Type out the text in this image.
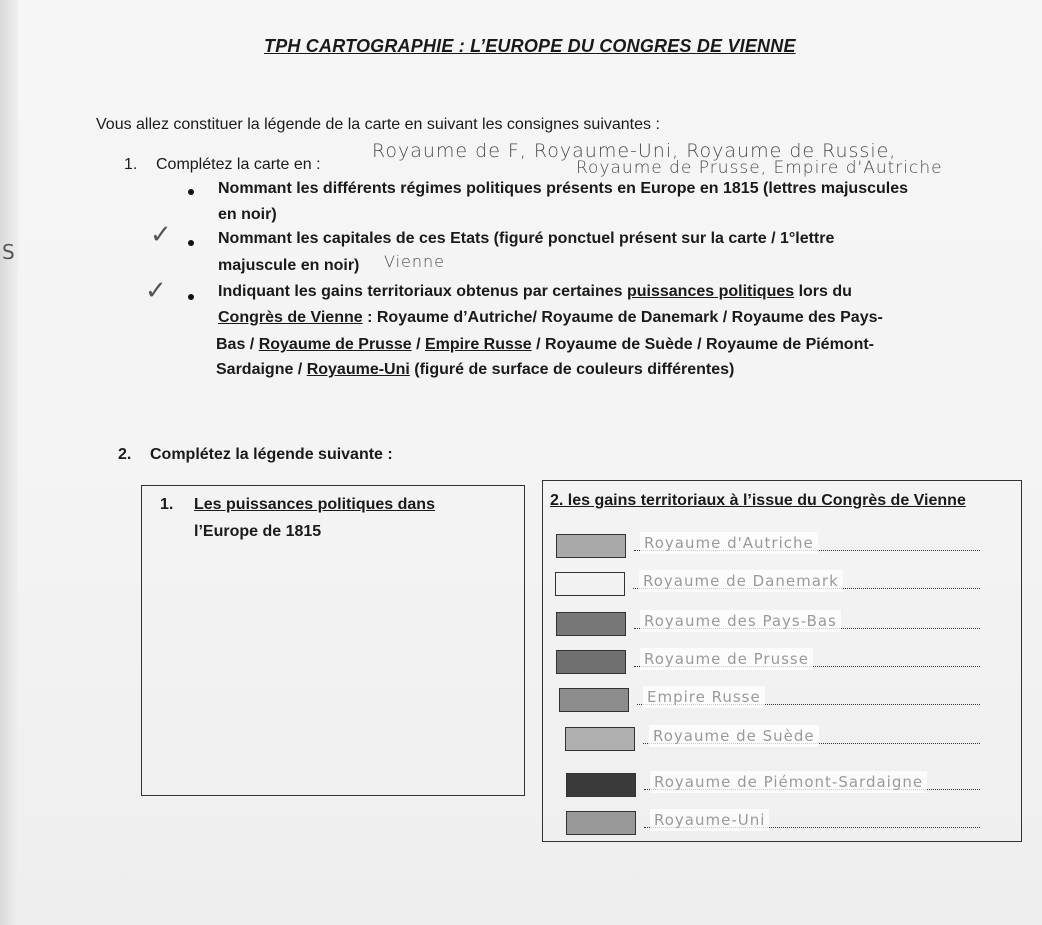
S
TPH CARTOGRAPHIE : L’EUROPE DU CONGRES DE VIENNE
Vous allez constituer la légende de la carte en suivant les consignes suivantes :
1. Complétez la carte en :
Royaume de F, Royaume-Uni, Royaume de Russie,
Royaume de Prusse, Empire d'Autriche
Nommant les différents régimes politiques présents en Europe en 1815 (lettres majuscules
en noir)
✓	Nommant les capitales de ces Etats (figuré ponctuel présent sur la carte / 1°lettre
majuscule en noir) Vienne
✓	Indiquant les gains territoriaux obtenus par certaines puissances politiques lors du
Congrès de Vienne : Royaume d’Autriche/ Royaume de Danemark / Royaume des Pays-
Bas / Royaume de Prusse / Empire Russe / Royaume de Suède / Royaume de Piémont-
Sardaigne / Royaume-Uni (figuré de surface de couleurs différentes)
2. Complétez la légende suivante :
1. Les puissances politiques dans
l’Europe de 1815
2. les gains territoriaux à l’issue du Congrès de Vienne
Royaume d'Autriche
Royaume de Danemark
Royaume des Pays-Bas
Royaume de Prusse
Empire Russe
Royaume de Suède
Royaume de Piémont-Sardaigne
Royaume-Uni
